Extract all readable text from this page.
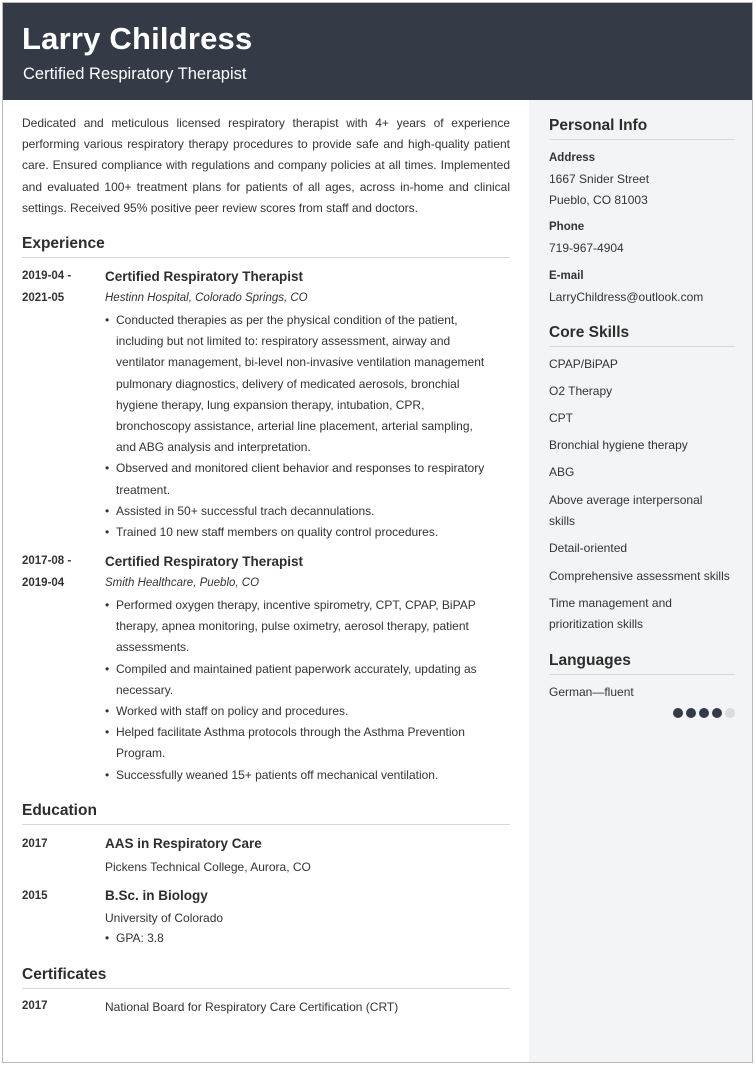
Larry Childress
Certified Respiratory Therapist
Personal Info
Address
1667 Snider Street
Pueblo, CO 81003
Phone
719-967-4904
E-mail
LarryChildress@outlook.com
Core Skills
CPAP/BiPAP
O2 Therapy
CPT
Bronchial hygiene therapy
ABG
Above average interpersonal skills
Detail-oriented
Comprehensive assessment skills
Time management and prioritization skills
Languages
German—fluent

Dedicated and meticulous licensed respiratory therapist with 4+ years of experience performing various respiratory therapy procedures to provide safe and high-quality patient care. Ensured compliance with regulations and company policies at all times. Implemented and evaluated 100+ treatment plans for patients of all ages, across in-home and clinical settings. Received 95% positive peer review scores from staff and doctors.

Experience
2019-04 -
2021-05
Certified Respiratory Therapist
Hestinn Hospital, Colorado Springs, CO
• Conducted therapies as per the physical condition of the patient, including but not limited to: respiratory assessment, airway and ventilator management, bi-level non-invasive ventilation management pulmonary diagnostics, delivery of medicated aerosols, bronchial hygiene therapy, lung expansion therapy, intubation, CPR, bronchoscopy assistance, arterial line placement, arterial sampling, and ABG analysis and interpretation.
• Observed and monitored client behavior and responses to respiratory treatment.
• Assisted in 50+ successful trach decannulations.
• Trained 10 new staff members on quality control procedures.
2017-08 -
2019-04
Certified Respiratory Therapist
Smith Healthcare, Pueblo, CO
• Performed oxygen therapy, incentive spirometry, CPT, CPAP, BiPAP therapy, apnea monitoring, pulse oximetry, aerosol therapy, patient assessments.
• Compiled and maintained patient paperwork accurately, updating as necessary.
• Worked with staff on policy and procedures.
• Helped facilitate Asthma protocols through the Asthma Prevention Program.
• Successfully weaned 15+ patients off mechanical ventilation.
Education
2017	AAS in Respiratory Care
Pickens Technical College, Aurora, CO
2015	B.Sc. in Biology
University of Colorado
• GPA: 3.8
Certificates
2017	National Board for Respiratory Care Certification (CRT)
